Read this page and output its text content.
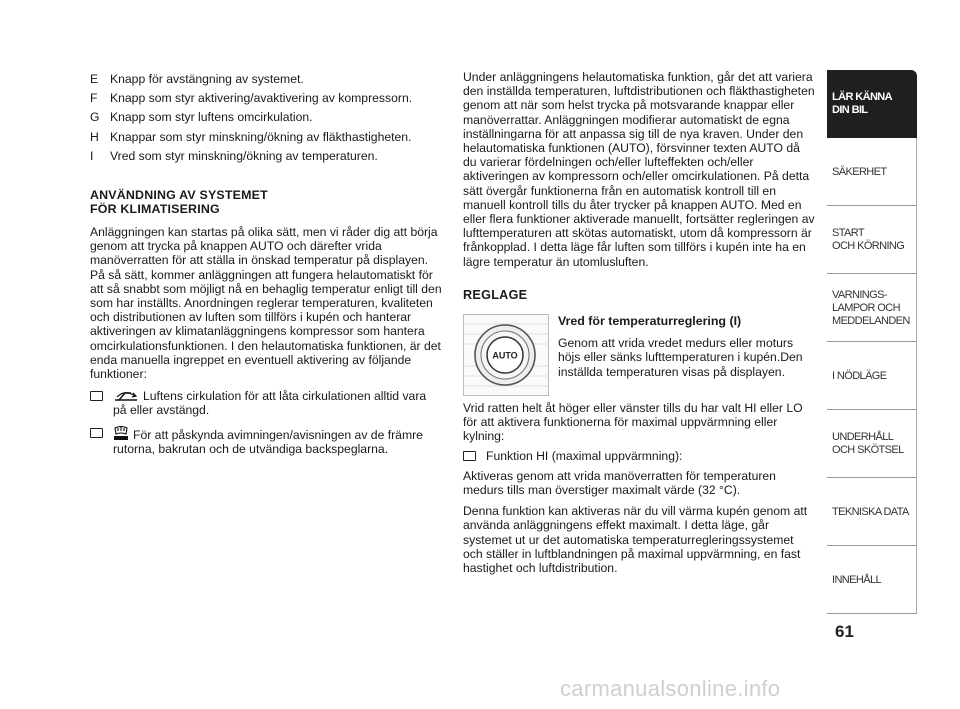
E Knapp för avstängning av systemet.
F	Knapp som styr aktivering/avaktivering av kompressorn.
G Knapp som styr luftens omcirkulation.
H Knappar som styr minskning/ökning av fläkthastigheten.
I	Vred som styr minskning/ökning av temperaturen.
ANVÄNDNING AV SYSTEMET
FÖR KLIMATISERING

Anläggningen kan startas på olika sätt, men vi råder dig att börja genom att trycka på knappen AUTO och därefter vrida manöverratten för att ställa in önskad temperatur på displayen. På så sätt, kommer anläggningen att fungera helautomatiskt för att så snabbt som möjligt nå en behaglig temperatur enligt till den som har inställts. Anordningen reglerar temperaturen, kvaliteten och distributionen av luften som tillförs i kupén och hanterar aktiveringen av klimatanläggningens kompressor som hantera omcirkulationsfunktionen. I den helautomatiska funktionen, är det enda manuella ingreppet en eventuell aktivering av följande funktioner:

Luftens cirkulation för att låta cirkulationen alltid vara på eller avstängd.
För att påskynda avimningen/avisningen av de främre rutorna, bakrutan och de utvändiga backspeglarna.

Under anläggningens helautomatiska funktion, går det att variera den inställda temperaturen, luftdistributionen och fläkthastigheten genom att när som helst trycka på motsvarande knappar eller manöverrattar. Anläggningen modifierar automatiskt de egna inställningarna för att anpassa sig till de nya kraven. Under den helautomatiska funktionen (AUTO), försvinner texten AUTO då du varierar fördelningen och/eller lufteffekten och/eller aktiveringen av kompressorn och/eller omcirkulationen. På detta sätt övergår funktionerna från en automatisk kontroll till en manuell kontroll tills du åter trycker på knappen AUTO. Med en eller flera funktioner aktiverade manuellt, fortsätter regleringen av lufttemperaturen att skötas automatiskt, utom då kompressorn är frånkopplad. I detta läge får luften som tillförs i kupén inte ha en lägre temperatur än utomlusluften.

REGLAGE
AUTO
Vred för temperaturreglering (I)

Genom att vrida vredet medurs eller moturs höjs eller sänks lufttemperaturen i kupén.Den inställda temperaturen visas på displayen.

Vrid ratten helt åt höger eller vänster tills du har valt HI eller LO för att aktivera funktionerna för maximal uppvärmning eller kylning:

Funktion HI (maximal uppvärmning):

Aktiveras genom att vrida manöverratten för temperaturen medurs tills man överstiger maximalt värde (32 °C).

Denna funktion kan aktiveras när du vill värma kupén genom att använda anläggningens effekt maximalt. I detta läge, går systemet ut ur det automatiska temperaturregleringssystemet och ställer in luftblandningen på maximal uppvärmning, en fast hastighet och luftdistribution.

LÄR KÄNNA
DIN BIL
SÄKERHET
START
OCH KÖRNING
VARNINGS-
LAMPOR OCH
MEDDELANDEN
I NÖDLÄGE
UNDERHÅLL
OCH SKÖTSEL
TEKNISKA DATA
INNEHÅLL
61
carmanualsonline.info
